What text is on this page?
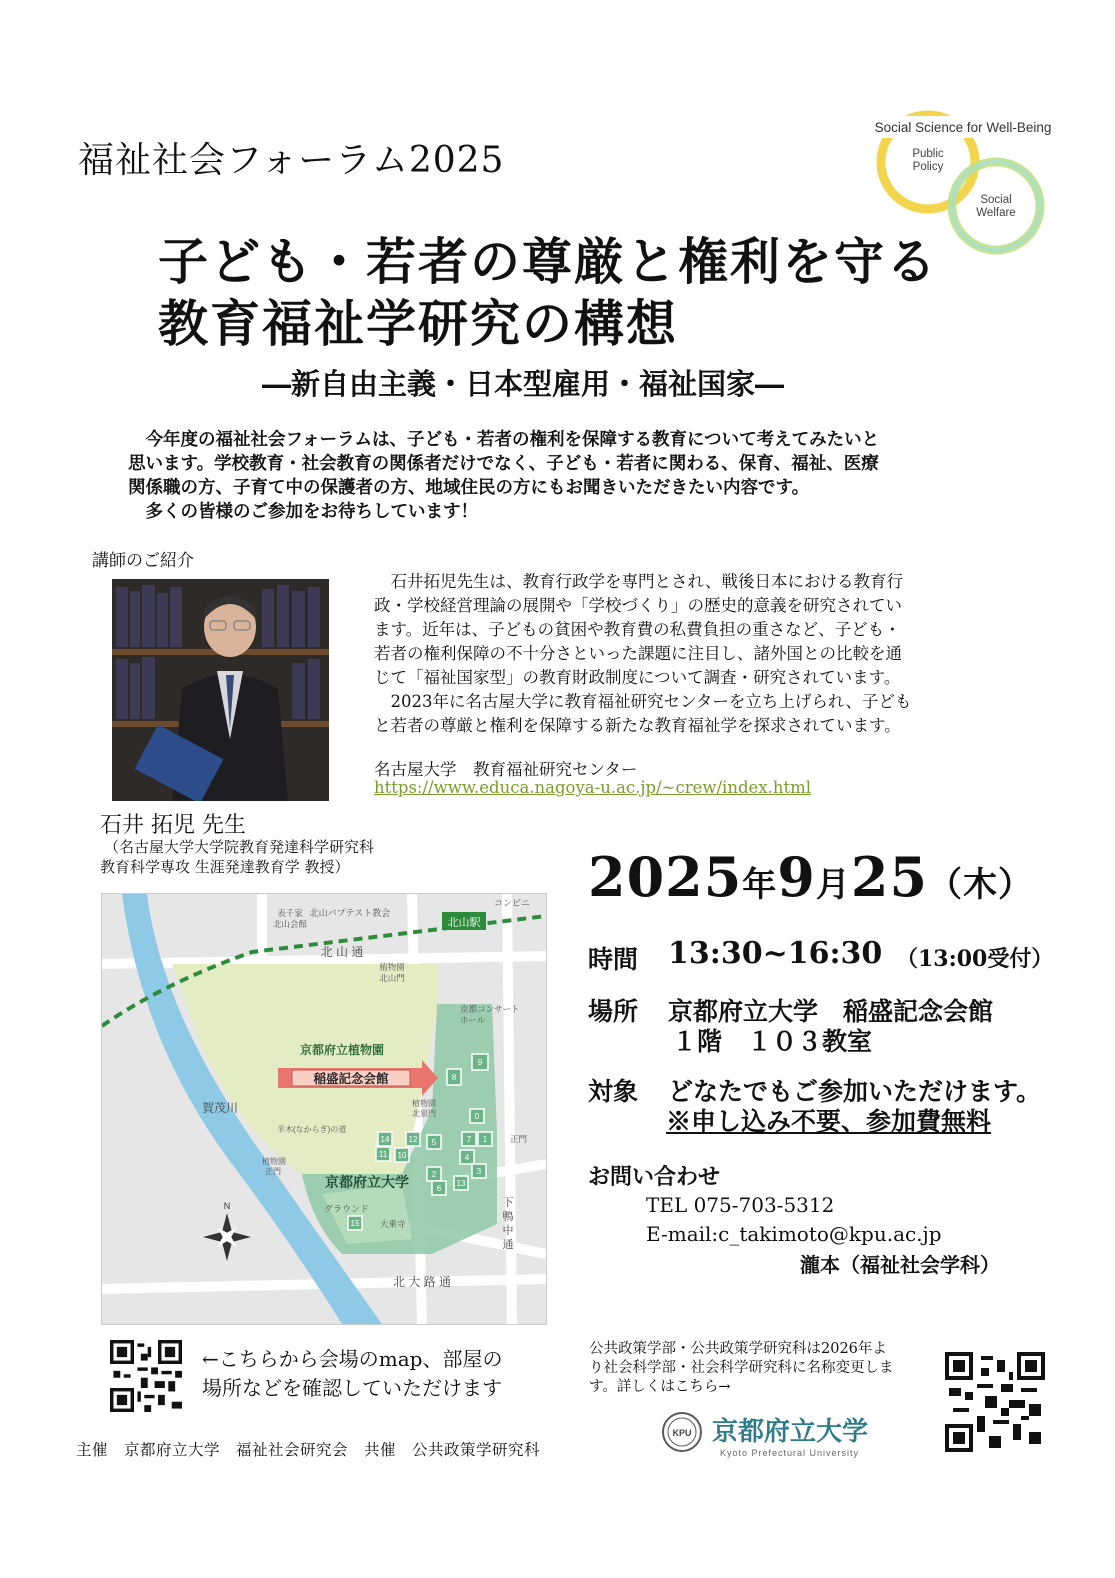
福祉社会フォーラム2025
Social Science for Well-Being
Public
Policy
Social
Welfare
子ども・若者の尊厳と権利を守る
教育福祉学研究の構想
―新自由主義・日本型雇用・福祉国家―

　今年度の福祉社会フォーラムは、子ども・若者の権利を保障する教育について考えてみたいと

思います。学校教育・社会教育の関係者だけでなく、子ども・若者に関わる、保育、福祉、医療

関係職の方、子育て中の保護者の方、地域住民の方にもお聞きいただきたい内容です。

　多くの皆様のご参加をお待ちしています！

講師のご紹介

　石井拓児先生は、教育行政学を専門とされ、戦後日本における教育行

政・学校経営理論の展開や「学校づくり」の歴史的意義を研究されてい

ます。近年は、子どもの貧困や教育費の私費負担の重さなど、子ども・

若者の権利保障の不十分さといった課題に注目し、諸外国との比較を通

じて「福祉国家型」の教育財政制度について調査・研究されています。

　2023年に名古屋大学に教育福祉研究センターを立ち上げられ、子ども

と若者の尊厳と権利を保障する新たな教育福祉学を探求されています。

名古屋大学　教育福祉研究センター
https://www.educa.nagoya-u.ac.jp/~crew/index.html
石井 拓児 先生
（名古屋大学大学院教育発達科学研究科
教育科学専攻 生涯発達教育学 教授）
北山駅
コンビニ
北山バプテスト教会
表千家
北山会館
北 山 通
北 大 路 通
下
鴨
中
通
賀茂川
京都府立植物園
京都コンサート
ホール
植物園
北山門
植物園
北泉門
半木(なからぎ)の道
植物園
正門
正門
グラウンド
大乗寺
京都府立大学
稲盛記念会館
9
8
0
1
7
4
3
2
5
6
12
11 10
13
14
15
N
2025年9月25（木）
時間 13:30~16:30 （13:00受付）
場所 京都府立大学　稲盛記念会館
１階　１０３教室
対象 どなたでもご参加いただけます。
※申し込み不要、参加費無料
お問い合わせ
TEL 075-703-5312
E-mail:c_takimoto@kpu.ac.jp
瀧本（福祉社会学科）
←こちらから会場のmap、部屋の
場所などを確認していただけます
公共政策学部・公共政策学研究科は2026年よ
り社会科学部・社会科学研究科に名称変更しま
す。詳しくはこちら→
KPU 京都府立大学
Kyoto Prefectural University
主催　京都府立大学　福祉社会研究会　共催　公共政策学研究科
